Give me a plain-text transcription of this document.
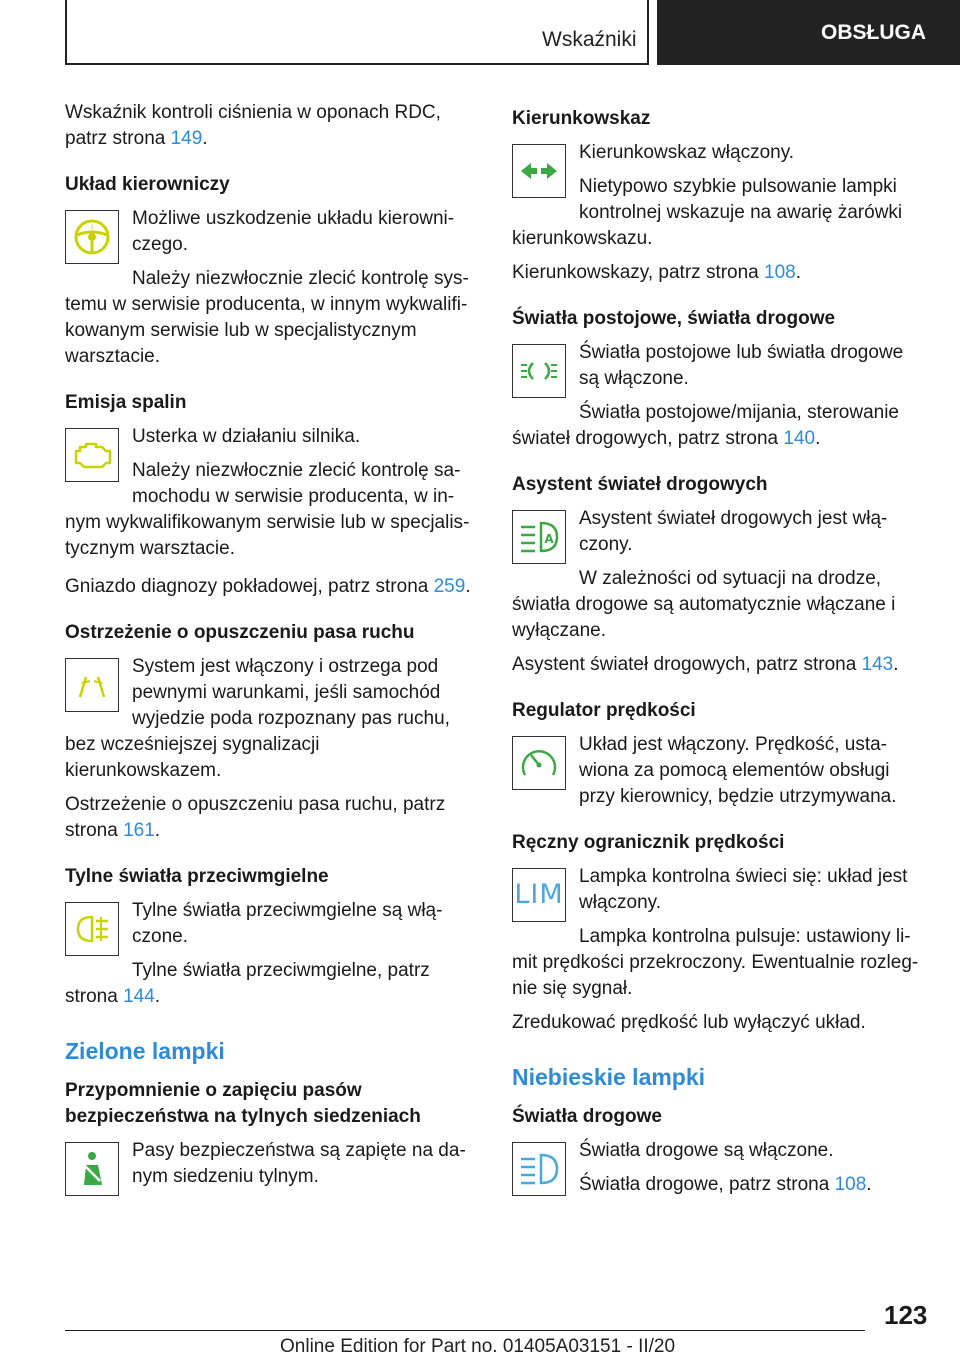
Wskaźniki	OBSŁUGA

Wskaźnik kontroli ciśnienia w oponach RDC, patrz strona 149.

Układ kierowniczy
!	Możliwe uszkodzenie układu kierowniczego.

Należy niezwłocznie zlecić kontrolę systemu w serwisie producenta, w innym wykwalifikowanym serwisie lub w specjalistycznym warsztacie.

Emisja spalin

Usterka w działaniu silnika.

Należy niezwłocznie zlecić kontrolę samochodu w serwisie producenta, w innym wykwalifikowanym serwisie lub w specjalistycznym warsztacie.

Gniazdo diagnozy pokładowej, patrz strona 259.

Ostrzeżenie o opuszczeniu pasa ruchu

System jest włączony i ostrzega pod pewnymi warunkami, jeśli samochód wyjedzie poda rozpoznany pas ruchu, bez wcześniejszej sygnalizacji kierunkowskazem.

Ostrzeżenie o opuszczeniu pasa ruchu, patrz strona 161.

Tylne światła przeciwmgielne

Tylne światła przeciwmgielne są włączone.

Tylne światła przeciwmgielne, patrz strona 144.

Zielone lampki
Przypomnienie o zapięciu pasów bezpieczeństwa na tylnych siedzeniach

Pasy bezpieczeństwa są zapięte na danym siedzeniu tylnym.

Kierunkowskaz

Kierunkowskaz włączony.

Nietypowo szybkie pulsowanie lampki kontrolnej wskazuje na awarię żarówki kierunkowskazu.

Kierunkowskazy, patrz strona 108.

Światła postojowe, światła drogowe

Światła postojowe lub światła drogowe są włączone.

Światła postojowe/mijania, sterowanie świateł drogowych, patrz strona 140.

Asystent świateł drogowych
A

Asystent świateł drogowych jest włączony.

W zależności od sytuacji na drodze, światła drogowe są automatycznie włączane i wyłączane.

Asystent świateł drogowych, patrz strona 143.

Regulator prędkości

Układ jest włączony. Prędkość, ustawiona za pomocą elementów obsługi przy kierownicy, będzie utrzymywana.

Ręczny ogranicznik prędkości
LIM

Lampka kontrolna świeci się: układ jest włączony.

Lampka kontrolna pulsuje: ustawiony limit prędkości przekroczony. Ewentualnie rozlegnie się sygnał.

Zredukować prędkość lub wyłączyć układ.

Niebieskie lampki
Światła drogowe

Światła drogowe są włączone.

Światła drogowe, patrz strona 108.

123
Online Edition for Part no. 01405A03151 - II/20
